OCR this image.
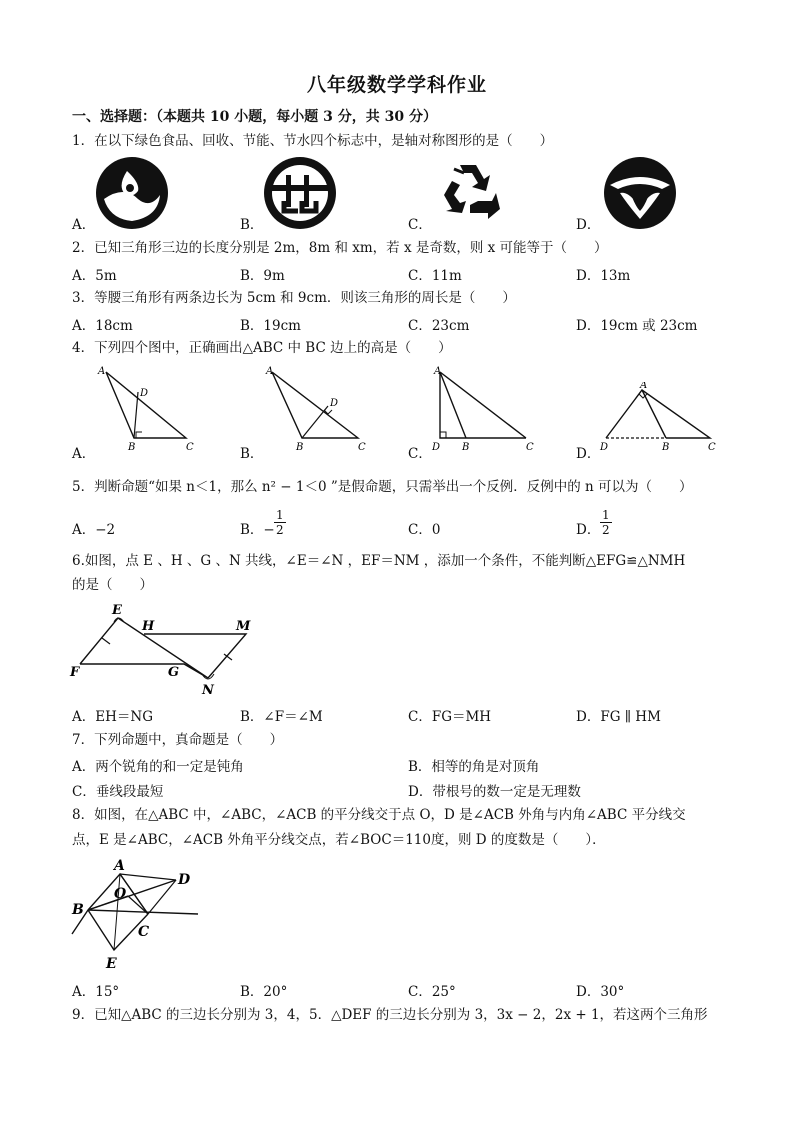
八年级数学学科作业
一、选择题：（本题共 10 小题，每小题 3 分，共 30 分）
1．在以下绿色食品、回收、节能、节水四个标志中，是轴对称图形的是（　　）
A．	B．	C．	D．
2．已知三角形三边的长度分别是 2m，8m 和 xm，若 x 是奇数，则 x 可能等于（　　）
A．5m	B．9m	C．11m	D．13m
3．等腰三角形有两条边长为 5cm 和 9cm．则该三角形的周长是（　　）
A．18cm	B．19cm	C．23cm	D．19cm 或 23cm
4．下列四个图中，正确画出△ABC 中 BC 边上的高是（　　）
A．
A
D
B	C	B．
A
D
B	C	C．
A
D B	C	D．
A
D	B	C
5．判断命题“如果 n＜1，那么 n² − 1＜0 ”是假命题，只需举出一个反例．反例中的 n 可以为（　　）
A．−2	B．− $\frac{1}{2}$	C．0	D． $\frac{1}{2}$
6.如图，点 E 、H 、G 、N 共线，∠E＝∠N ，EF＝NM ，添加一个条件，不能判断△EFG≌△NMH
的是（　　）
E
H	M
F	G
N
A．EH＝NG	B．∠F＝∠M	C．FG＝MH	D．FG ∥ HM
7．下列命题中，真命题是（　　）
A．两个锐角的和一定是钝角	B．相等的角是对顶角
C．垂线段最短	D．带根号的数一定是无理数
8．如图，在△ABC 中，∠ABC，∠ACB 的平分线交于点 O，D 是∠ACB 外角与内角∠ABC 平分线交
点，E 是∠ABC，∠ACB 外角平分线交点，若∠BOC＝110度，则 D 的度数是（　　）．
A
O
D
B
C
E
A．15°	B．20°	C．25°	D．30°
9．已知△ABC 的三边长分别为 3，4，5．△DEF 的三边长分别为 3，3x − 2，2x + 1，若这两个三角形
